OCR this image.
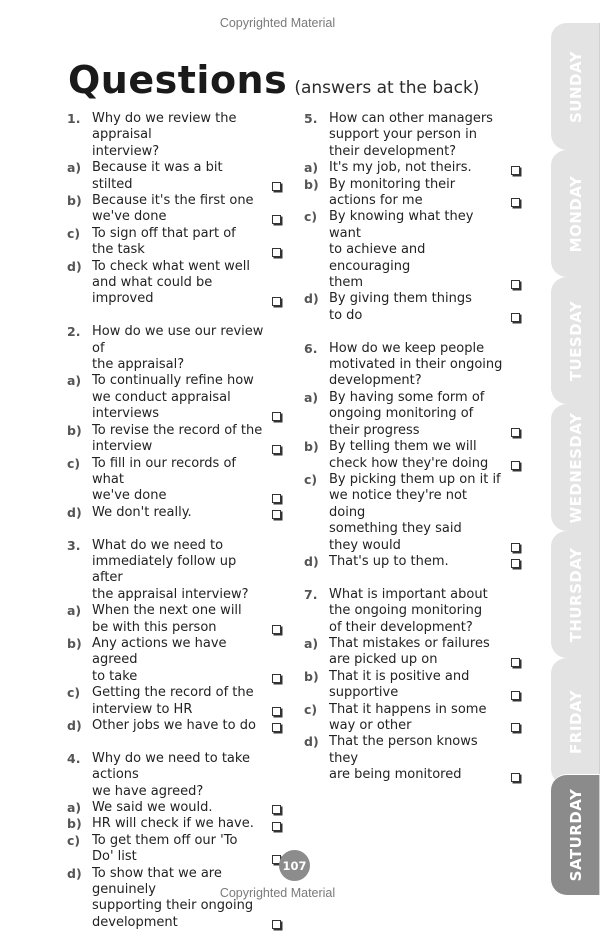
Copyrighted Material
Questions (answers at the back)
1. Why do we review the appraisal
interview?
a) Because it was a bit stilted
b) Because it's the first one
we've done
c) To sign off that part of
the task
d) To check what went well
and what could be
improved
2. How do we use our review of
the appraisal?
a) To continually refine how
we conduct appraisal
interviews
b) To revise the record of the
interview
c) To fill in our records of what
we've done
d) We don't really.
3. What do we need to
immediately follow up after
the appraisal interview?
a) When the next one will
be with this person
b) Any actions we have agreed
to take
c) Getting the record of the
interview to HR
d) Other jobs we have to do
4. Why do we need to take actions
we have agreed?
a) We said we would.
b) HR will check if we have.
c) To get them off our 'To
Do' list
d) To show that we are genuinely
supporting their ongoing
development
5. How can other managers
support your person in
their development?
a) It's my job, not theirs.
b) By monitoring their
actions for me
c) By knowing what they want
to achieve and encouraging
them
d) By giving them things
to do
6. How do we keep people
motivated in their ongoing
development?
a) By having some form of
ongoing monitoring of
their progress
b) By telling them we will
check how they're doing
c) By picking them up on it if
we notice they're not doing
something they said
they would
d) That's up to them.
7. What is important about
the ongoing monitoring
of their development?
a) That mistakes or failures
are picked up on
b) That it is positive and
supportive
c) That it happens in some
way or other
d) That the person knows they
are being monitored
107
Copyrighted Material
SUNDAY
MONDAY
TUESDAY
WEDNESDAY
THURSDAY
FRIDAY
SATURDAY
